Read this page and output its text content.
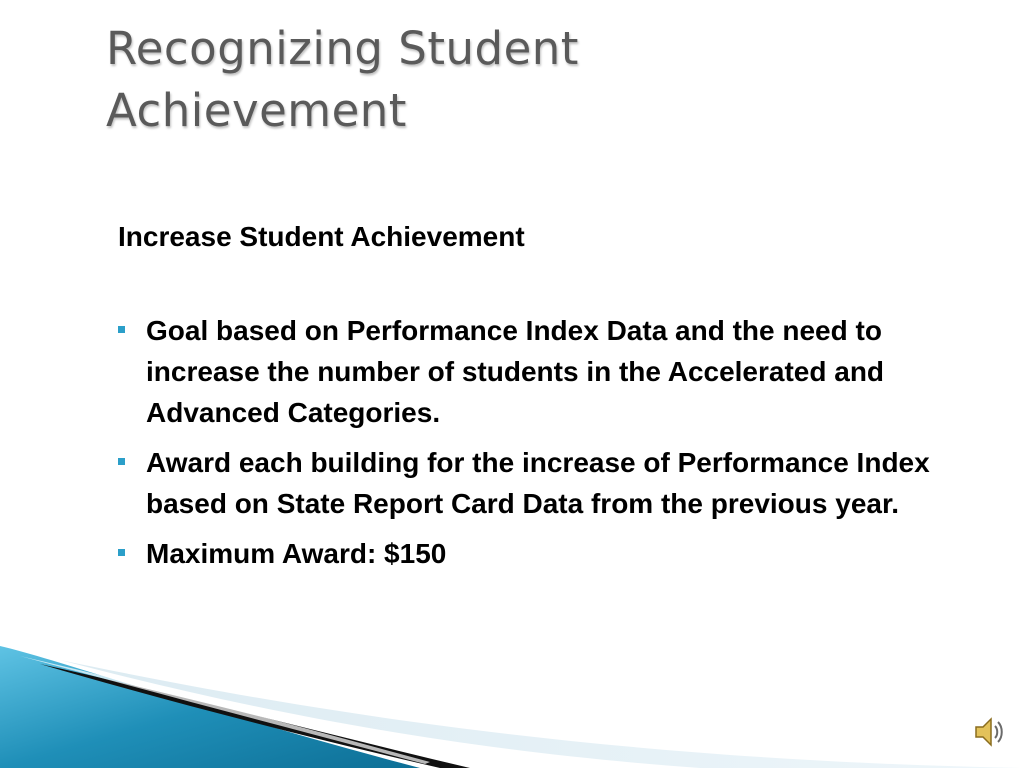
Recognizing Student
Achievement

Increase Student Achievement

Goal based on Performance Index Data and the need to increase the number of students in the Accelerated and Advanced Categories.
Award each building for the increase of Performance Index based on State Report Card Data from the previous year.
Maximum Award: $150
